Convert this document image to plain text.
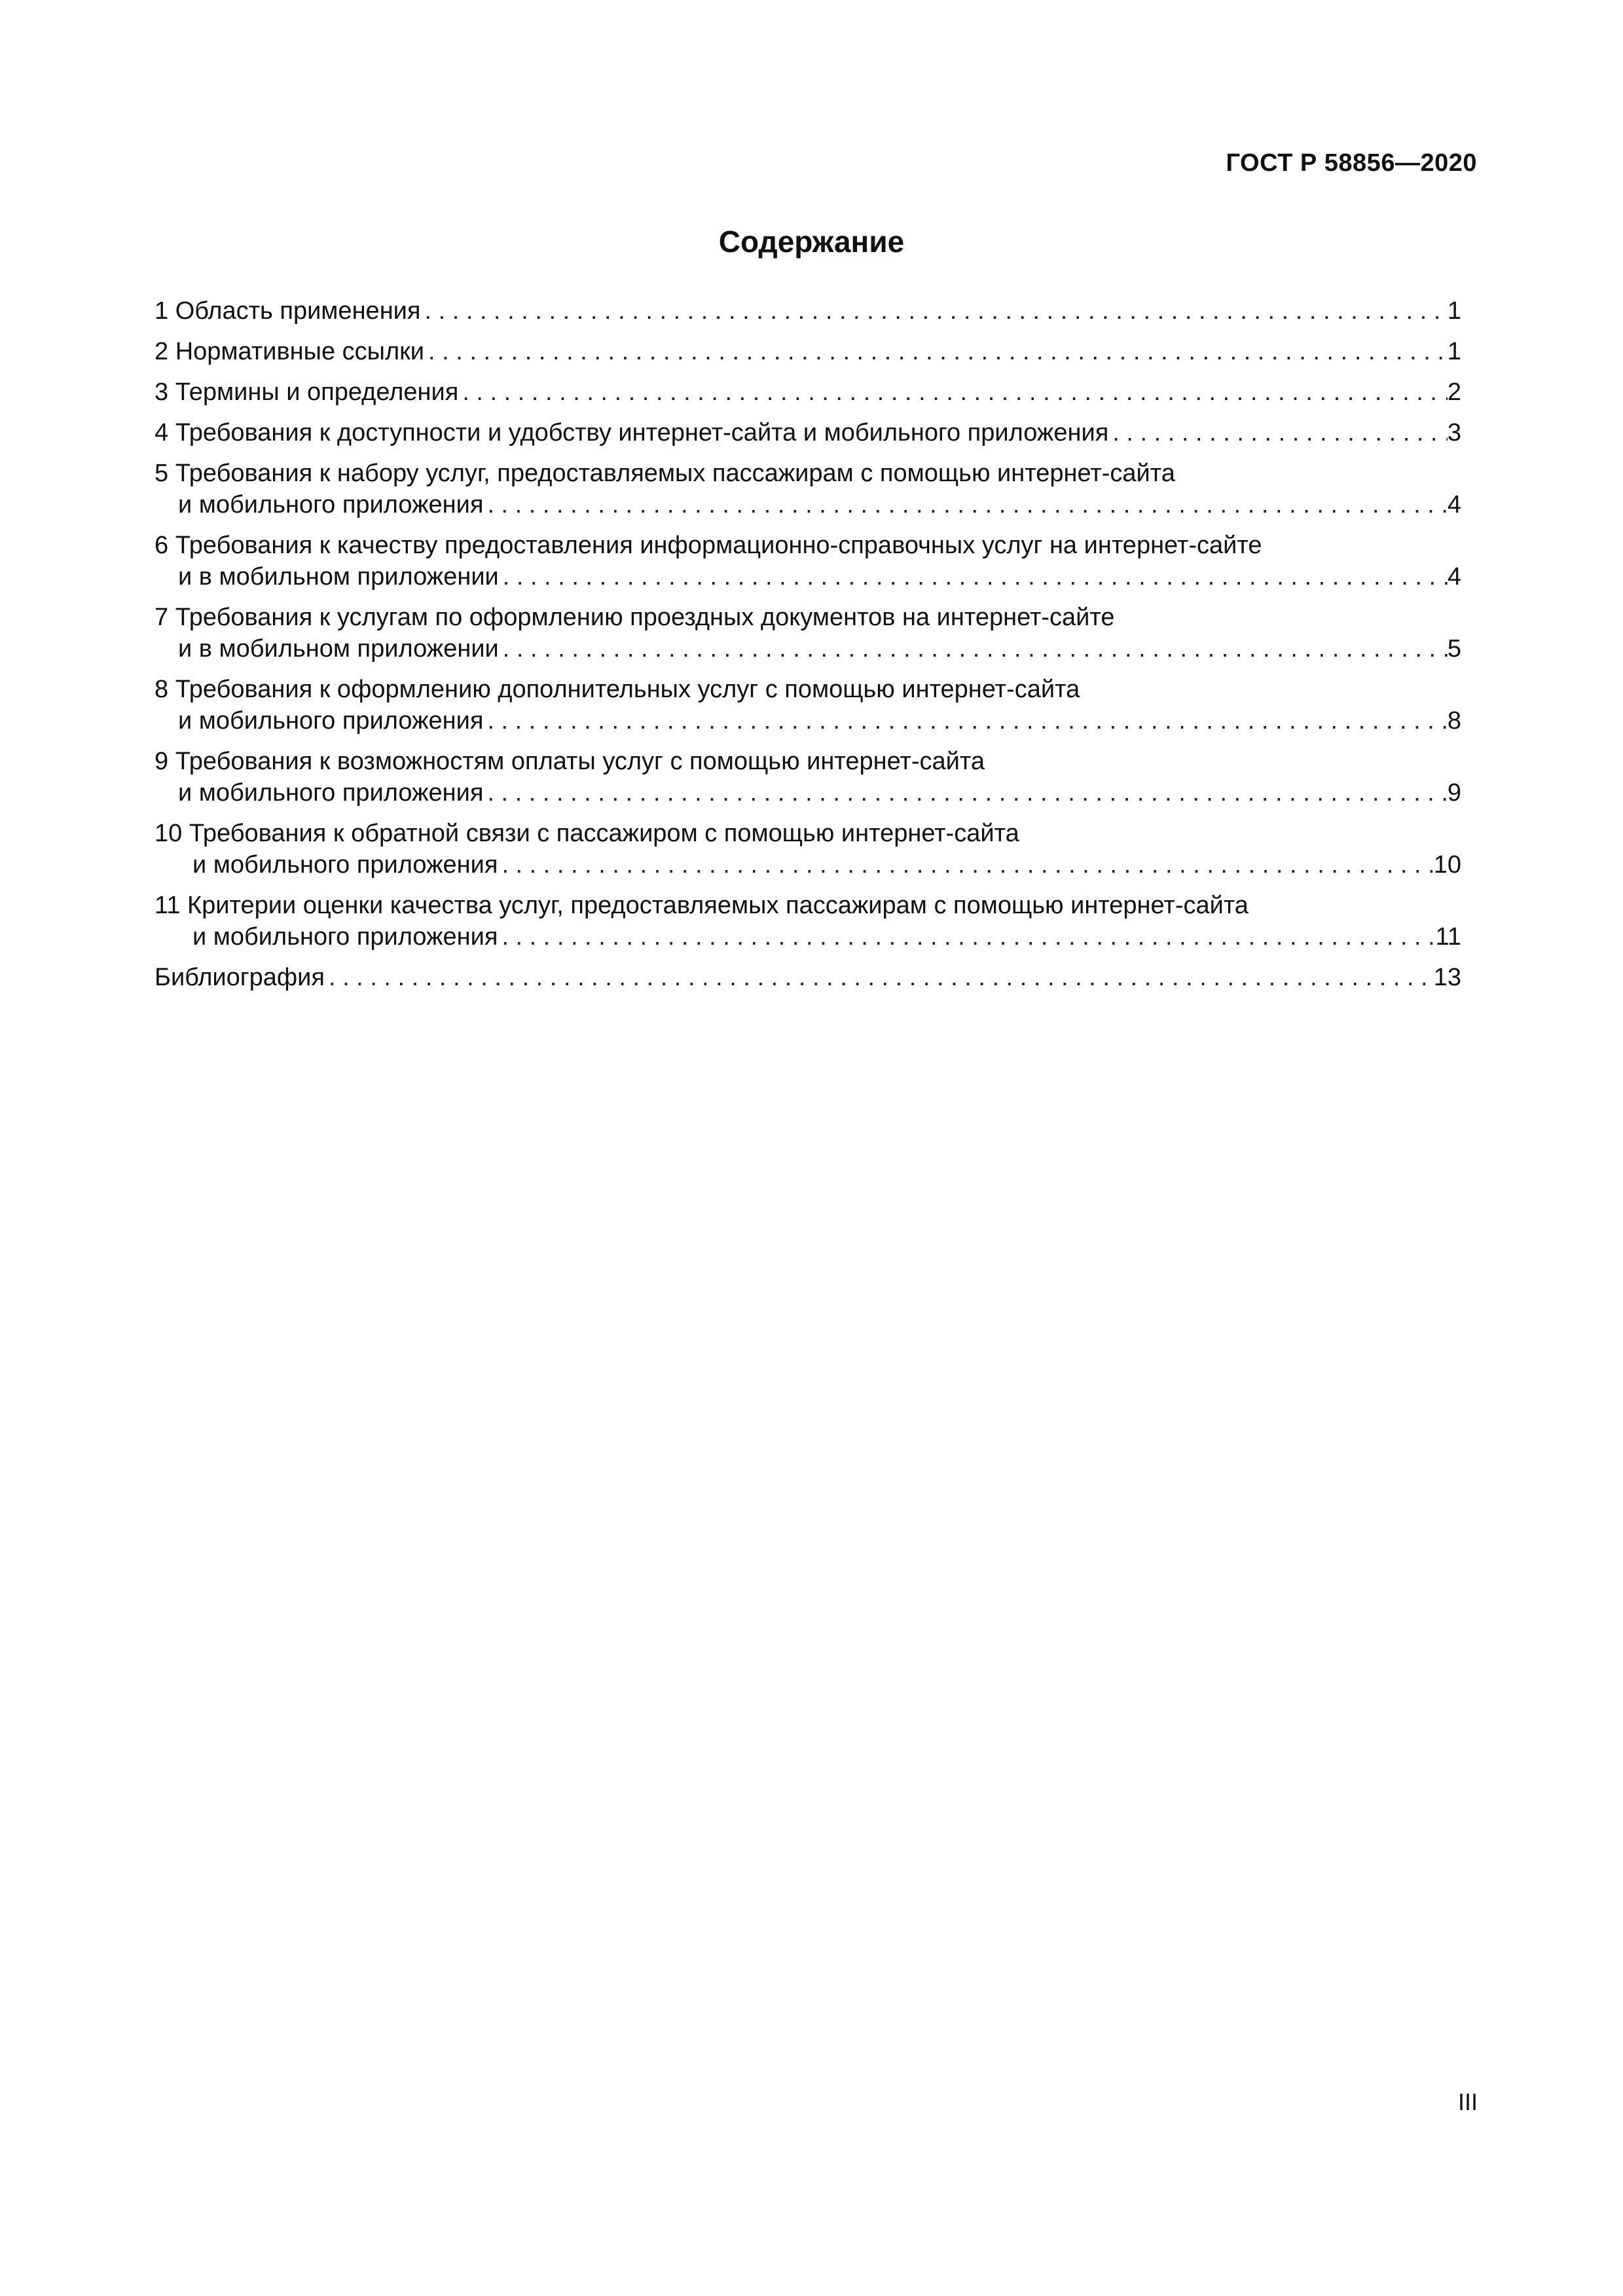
ГОСТ Р 58856—2020
Содержание
1 Область применения . . .	1
2 Нормативные ссылки . . .	1
3 Термины и определения . . .	2
4 Требования к доступности и удобству интернет-сайта и мобильного приложения . . .	3
5 Требования к набору услуг, предоставляемых пассажирам с помощью интернет-сайта
и мобильного приложения . . .	4
6 Требования к качеству предоставления информационно-справочных услуг на интернет-сайте
и в мобильном приложении . . .	4
7 Требования к услугам по оформлению проездных документов на интернет-сайте
и в мобильном приложении . . .	5
8 Требования к оформлению дополнительных услуг с помощью интернет-сайта
и мобильного приложения . . .	8
9 Требования к возможностям оплаты услуг с помощью интернет-сайта
и мобильного приложения . . .	9
10 Требования к обратной связи с пассажиром с помощью интернет-сайта
и мобильного приложения . . .	10
11 Критерии оценки качества услуг, предоставляемых пассажирам с помощью интернет-сайта
и мобильного приложения . . .	11
Библиография . . .	13
III
